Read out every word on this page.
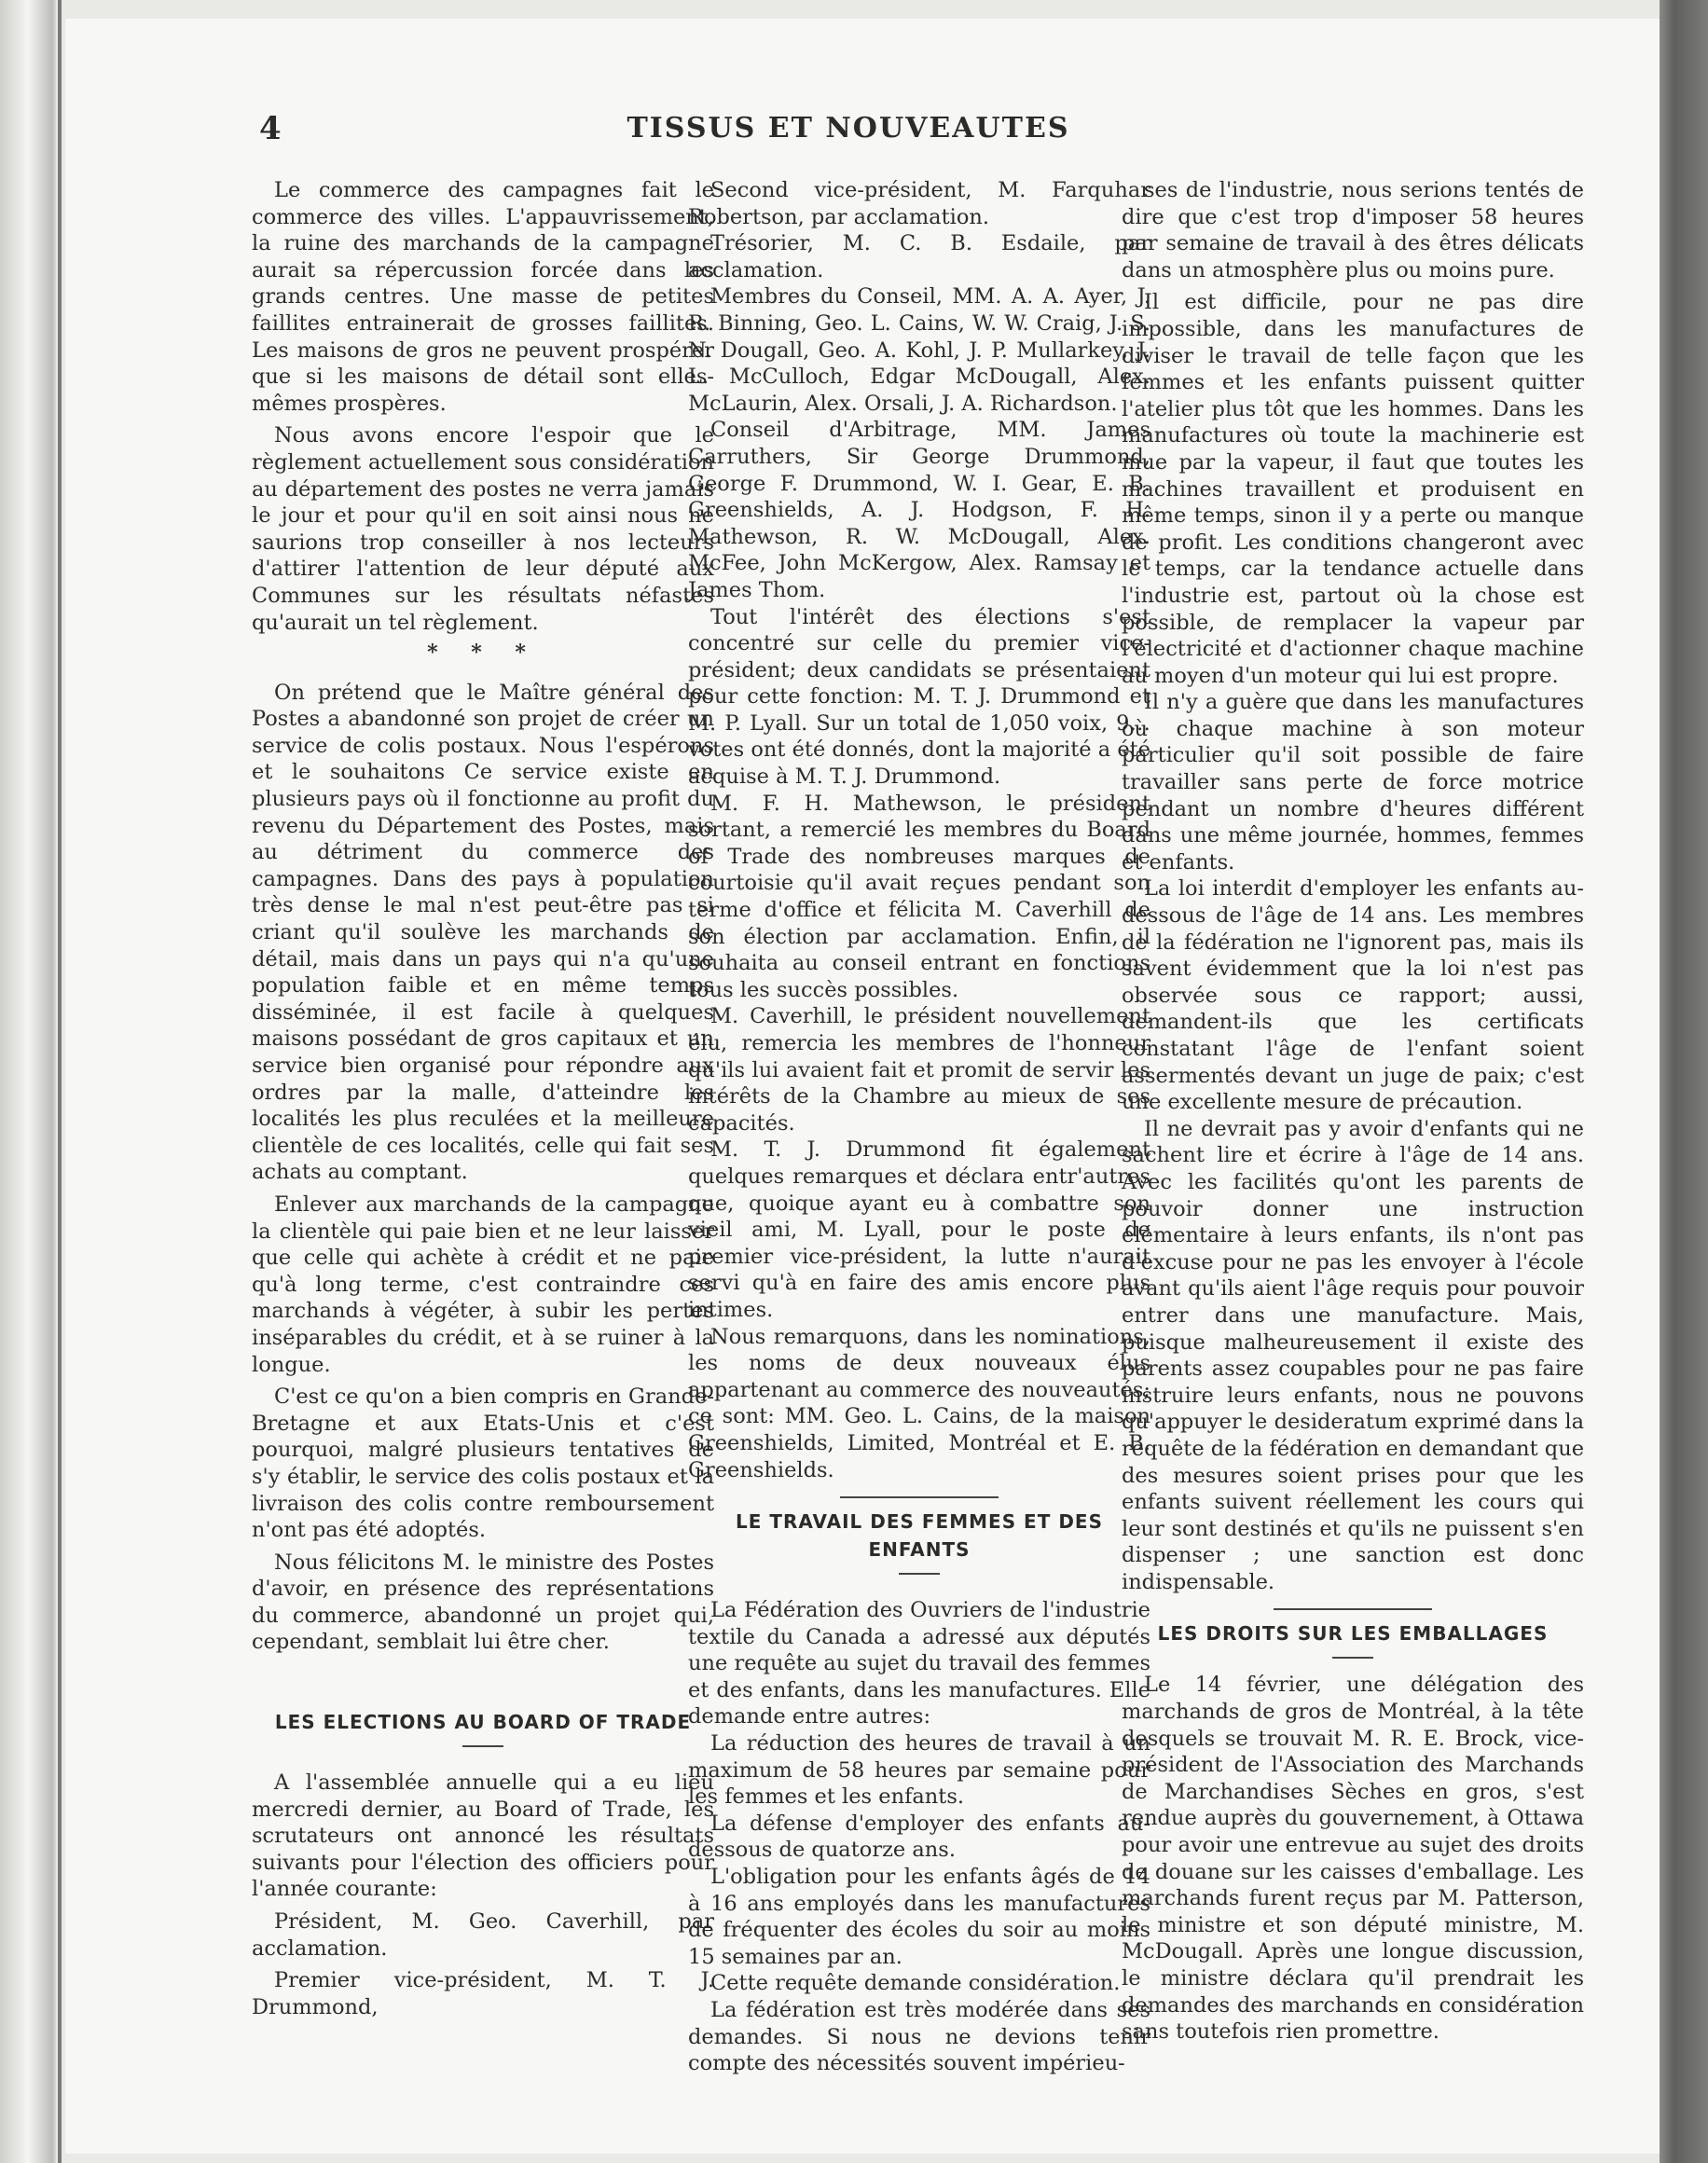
4	TISSUS ET NOUVEAUTES

Le commerce des campagnes fait le commerce des villes. L'appauvrissement, la ruine des marchands de la campagne aurait sa répercussion forcée dans les grands centres. Une masse de petites faillites entrainerait de grosses faillites. Les maisons de gros ne peuvent prospérer que si les maisons de détail sont elles-mêmes prospères.

Nous avons encore l'espoir que le règlement actuellement sous considération au département des postes ne verra jamais le jour et pour qu'il en soit ainsi nous ne saurions trop conseiller à nos lecteurs d'attirer l'attention de leur député aux Communes sur les résultats néfastes qu'aurait un tel règlement.

* * *

On prétend que le Maître général des Postes a abandonné son projet de créer un service de colis postaux. Nous l'espérons et le souhaitons Ce service existe en plusieurs pays où il fonctionne au profit du revenu du Département des Postes, mais au détriment du commerce des campagnes. Dans des pays à population très dense le mal n'est peut-être pas si criant qu'il soulève les marchands de détail, mais dans un pays qui n'a qu'une population faible et en même temps disséminée, il est facile à quelques maisons possédant de gros capitaux et un service bien organisé pour répondre aux ordres par la malle, d'atteindre les localités les plus reculées et la meilleure clientèle de ces localités, celle qui fait ses achats au comptant.

Enlever aux marchands de la campagne la clientèle qui paie bien et ne leur laisser que celle qui achète à crédit et ne paie qu'à long terme, c'est contraindre ces marchands à végéter, à subir les pertes inséparables du crédit, et à se ruiner à la longue.

C'est ce qu'on a bien compris en Grande-Bretagne et aux Etats-Unis et c'est pourquoi, malgré plusieurs tentatives de s'y établir, le service des colis postaux et la livraison des colis contre remboursement n'ont pas été adoptés.

Nous félicitons M. le ministre des Postes d'avoir, en présence des représentations du commerce, abandonné un projet qui, cependant, semblait lui être cher.

LES ELECTIONS AU BOARD OF TRADE

A l'assemblée annuelle qui a eu lieu mercredi dernier, au Board of Trade, les scrutateurs ont annoncé les résultats suivants pour l'élection des officiers pour l'année courante:

Président, M. Geo. Caverhill, par acclamation.

Premier vice-président, M. T. J. Drummond,

Second vice-président, M. Farquhar Robertson, par acclamation.

Trésorier, M. C. B. Esdaile, par acclamation.

Membres du Conseil, MM. A. A. Ayer, J. R. Binning, Geo. L. Cains, W. W. Craig, J. S. N. Dougall, Geo. A. Kohl, J. P. Mullarkey, J. L. McCulloch, Edgar McDougall, Alex. McLaurin, Alex. Orsali, J. A. Richardson.

Conseil d'Arbitrage, MM. James Carruthers, Sir George Drummond, George F. Drummond, W. I. Gear, E. B. Greenshields, A. J. Hodgson, F. H. Mathewson, R. W. McDougall, Alex. McFee, John McKergow, Alex. Ramsay et James Thom.

Tout l'intérêt des élections s'est concentré sur celle du premier vice-président; deux candidats se présentaient pour cette fonction: M. T. J. Drummond et M. P. Lyall. Sur un total de 1,050 voix, 9… votes ont été donnés, dont la majorité a été acquise à M. T. J. Drummond.

M. F. H. Mathewson, le président sortant, a remercié les membres du Board of Trade des nombreuses marques de courtoisie qu'il avait reçues pendant son terme d'office et félicita M. Caverhill de son élection par acclamation. Enfin, il souhaita au conseil entrant en fonctions tous les succès possibles.

M. Caverhill, le président nouvellement élu, remercia les membres de l'honneur qu'ils lui avaient fait et promit de servir les intérêts de la Chambre au mieux de ses capacités.

M. T. J. Drummond fit également quelques remarques et déclara entr'autres que, quoique ayant eu à combattre son vieil ami, M. Lyall, pour le poste de premier vice-président, la lutte n'aurait servi qu'à en faire des amis encore plus intimes.

Nous remarquons, dans les nominations, les noms de deux nouveaux élus appartenant au commerce des nouveautés; ce sont: MM. Geo. L. Cains, de la maison Greenshields, Limited, Montréal et E. B. Greenshields.

LE TRAVAIL DES FEMMES ET DES ENFANTS

La Fédération des Ouvriers de l'industrie textile du Canada a adressé aux députés une requête au sujet du travail des femmes et des enfants, dans les manufactures. Elle demande entre autres:

La réduction des heures de travail à un maximum de 58 heures par semaine pour les femmes et les enfants.

La défense d'employer des enfants au-dessous de quatorze ans.

L'obligation pour les enfants âgés de 14 à 16 ans employés dans les manufactures de fréquenter des écoles du soir au moins 15 semaines par an.

Cette requête demande considération.

La fédération est très modérée dans ses demandes. Si nous ne devions tenir compte des nécessités souvent impérieu-

ses de l'industrie, nous serions tentés de dire que c'est trop d'imposer 58 heures par semaine de travail à des êtres délicats dans un atmosphère plus ou moins pure.

Il est difficile, pour ne pas dire impossible, dans les manufactures de diviser le travail de telle façon que les femmes et les enfants puissent quitter l'atelier plus tôt que les hommes. Dans les manufactures où toute la machinerie est mue par la vapeur, il faut que toutes les machines travaillent et produisent en même temps, sinon il y a perte ou manque de profit. Les conditions changeront avec le temps, car la tendance actuelle dans l'industrie est, partout où la chose est possible, de remplacer la vapeur par l'électricité et d'actionner chaque machine au moyen d'un moteur qui lui est propre.

Il n'y a guère que dans les manufactures où chaque machine à son moteur particulier qu'il soit possible de faire travailler sans perte de force motrice pendant un nombre d'heures différent dans une même journée, hommes, femmes et enfants.

La loi interdit d'employer les enfants au-dessous de l'âge de 14 ans. Les membres de la fédération ne l'ignorent pas, mais ils savent évidemment que la loi n'est pas observée sous ce rapport; aussi, demandent-ils que les certificats constatant l'âge de l'enfant soient assermentés devant un juge de paix; c'est une excellente mesure de précaution.

Il ne devrait pas y avoir d'enfants qui ne sachent lire et écrire à l'âge de 14 ans. Avec les facilités qu'ont les parents de pouvoir donner une instruction élémentaire à leurs enfants, ils n'ont pas d'excuse pour ne pas les envoyer à l'école avant qu'ils aient l'âge requis pour pouvoir entrer dans une manufacture. Mais, puisque malheureusement il existe des parents assez coupables pour ne pas faire instruire leurs enfants, nous ne pouvons qu'appuyer le desideratum exprimé dans la requête de la fédération en demandant que des mesures soient prises pour que les enfants suivent réellement les cours qui leur sont destinés et qu'ils ne puissent s'en dispenser ; une sanction est donc indispensable.

LES DROITS SUR LES EMBALLAGES

Le 14 février, une délégation des marchands de gros de Montréal, à la tête desquels se trouvait M. R. E. Brock, vice-président de l'Association des Marchands de Marchandises Sèches en gros, s'est rendue auprès du gouvernement, à Ottawa pour avoir une entrevue au sujet des droits de douane sur les caisses d'emballage. Les marchands furent reçus par M. Patterson, le ministre et son député ministre, M. McDougall. Après une longue discussion, le ministre déclara qu'il prendrait les demandes des marchands en considération sans toutefois rien promettre.
